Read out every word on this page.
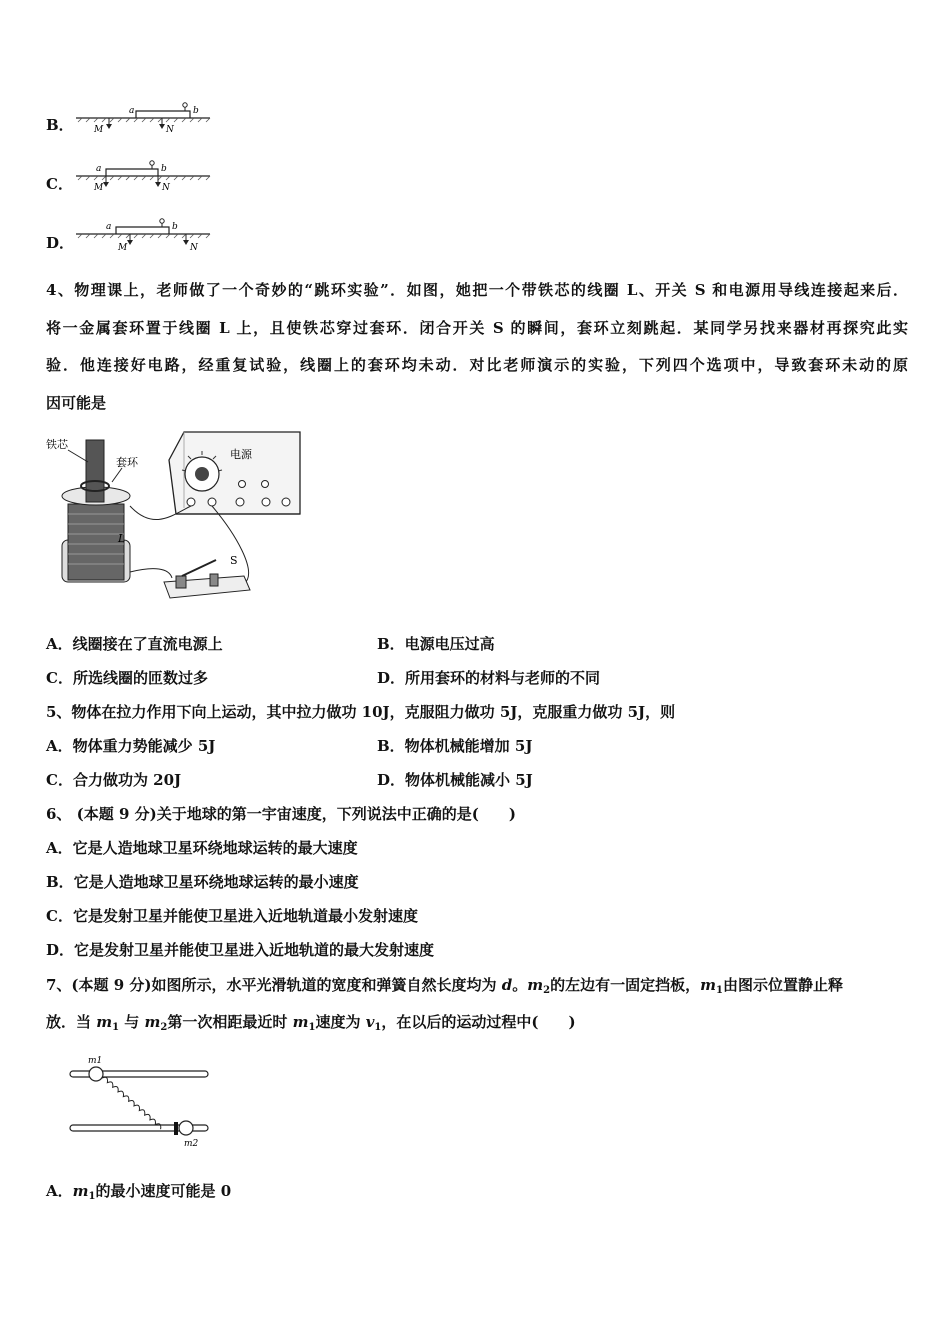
B．
a	b
M	N
C．
a	b
M	N
D．
a	b
M	N
4、物理课上，老师做了一个奇妙的“跳环实验”．如图，她把一个带铁芯的线圈 L、开关 S 和电源用导线连接起来后．
将一金属套环置于线圈 L 上，且使铁芯穿过套环．闭合开关 S 的瞬间，套环立刻跳起．某同学另找来器材再探究此实
验．他连接好电路，经重复试验，线圈上的套环均未动．对比老师演示的实验，下列四个选项中，导致套环未动的原
因可能是
电源
铁芯
套环
L
S
A．线圈接在了直流电源上	B．电源电压过高
C．所选线圈的匝数过多	D．所用套环的材料与老师的不同
5、物体在拉力作用下向上运动，其中拉力做功 10J，克服阻力做功 5J，克服重力做功 5J，则
A．物体重力势能减少 5J	B．物体机械能增加 5J
C．合力做功为 20J	D．物体机械能减小 5J
6、 (本题 9 分)关于地球的第一宇宙速度，下列说法中正确的是(　　)
A．它是人造地球卫星环绕地球运转的最大速度
B．它是人造地球卫星环绕地球运转的最小速度
C．它是发射卫星并能使卫星进入近地轨道最小发射速度
D．它是发射卫星并能使卫星进入近地轨道的最大发射速度
7、(本题 9 分)如图所示，水平光滑轨道的宽度和弹簧自然长度均为 d。$m_2$的左边有一固定挡板，$m_1$由图示位置静止释
放．当 $m_1$ 与 $m_2$第一次相距最近时 $m_1$速度为 $v_1$，在以后的运动过程中(　　)
m1
m2
A．$m_1$的最小速度可能是 0
